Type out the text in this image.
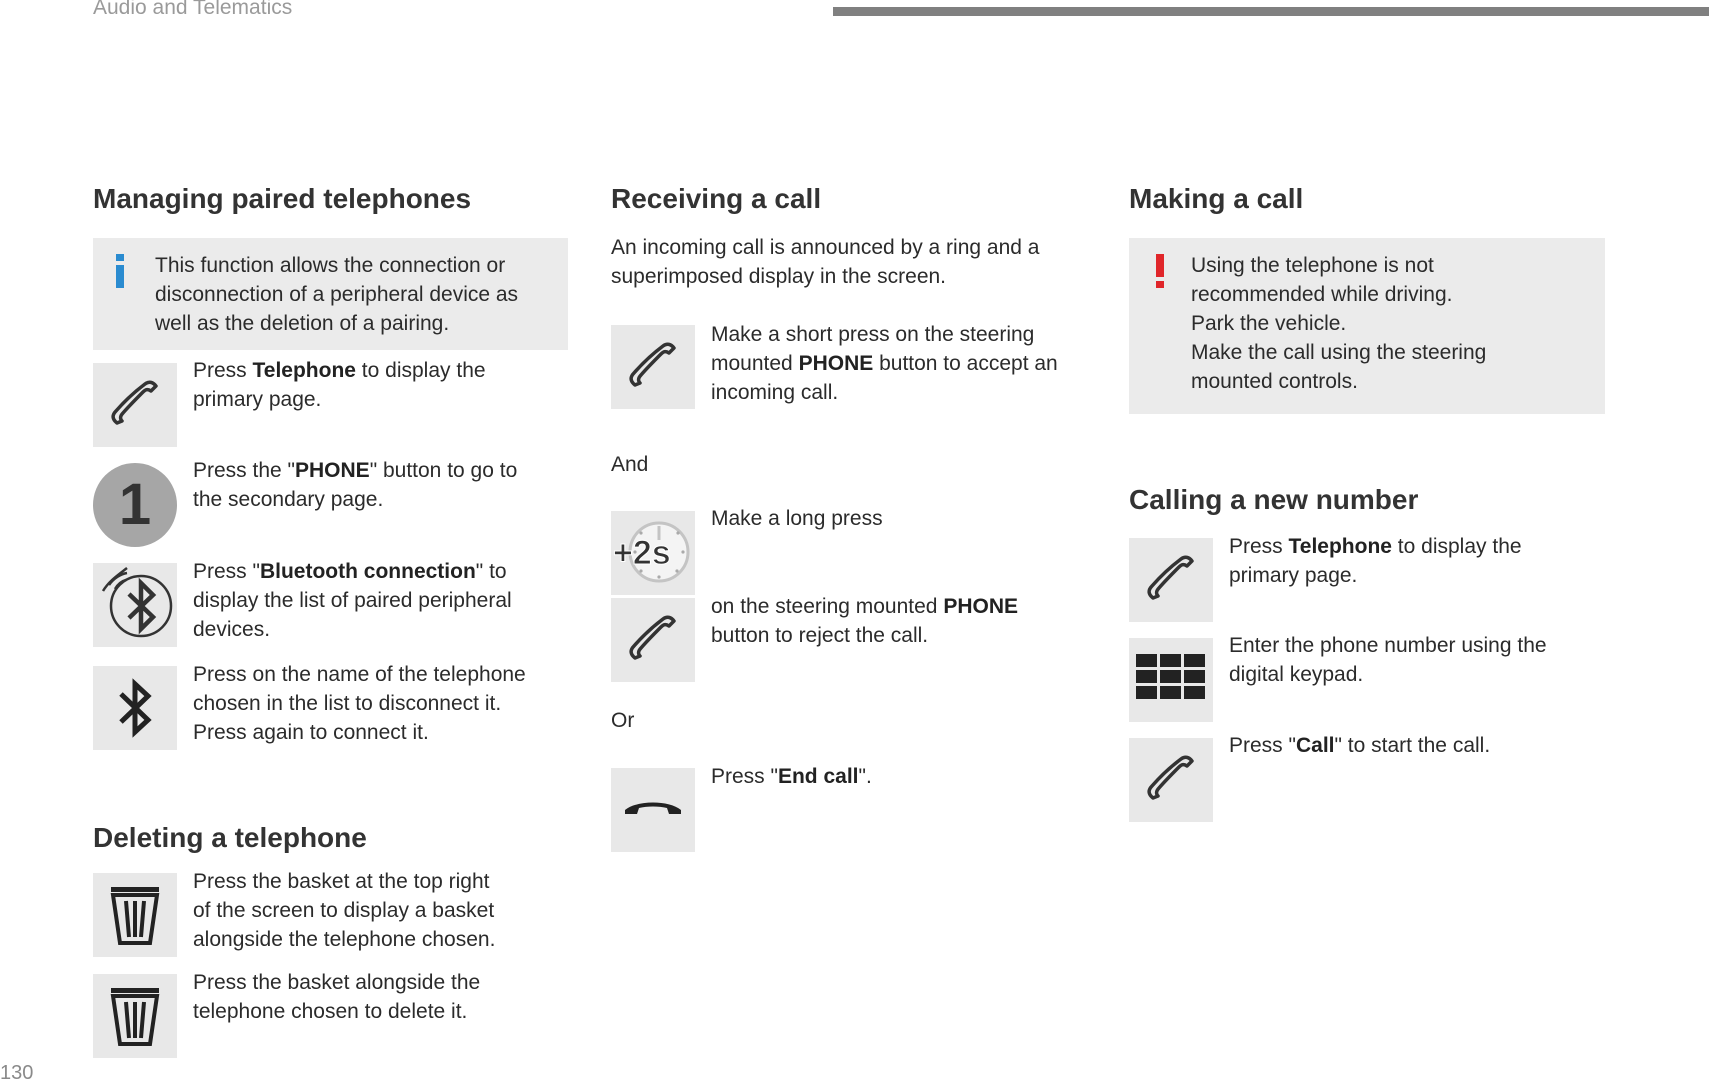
Audio and Telematics
130
Managing paired telephones
This function allows the connection or
disconnection of a peripheral device as
well as the deletion of a pairing.
Press Telephone to display the
primary page.
1
Press the "PHONE" button to go to
the secondary page.
Press "Bluetooth connection" to
display the list of paired peripheral
devices.
Press on the name of the telephone
chosen in the list to disconnect it.
Press again to connect it.
Deleting a telephone
Press the basket at the top right
of the screen to display a basket
alongside the telephone chosen.
Press the basket alongside the
telephone chosen to delete it.
Receiving a call
An incoming call is announced by a ring and a
superimposed display in the screen.
Make a short press on the steering
mounted PHONE button to accept an
incoming call.
And
+2s
Make a long press
on the steering mounted PHONE
button to reject the call.
Or
Press "End call".
Making a call
Using the telephone is not
recommended while driving.
Park the vehicle.
Make the call using the steering
mounted controls.
Calling a new number
Press Telephone to display the
primary page.
Enter the phone number using the
digital keypad.
Press "Call" to start the call.
